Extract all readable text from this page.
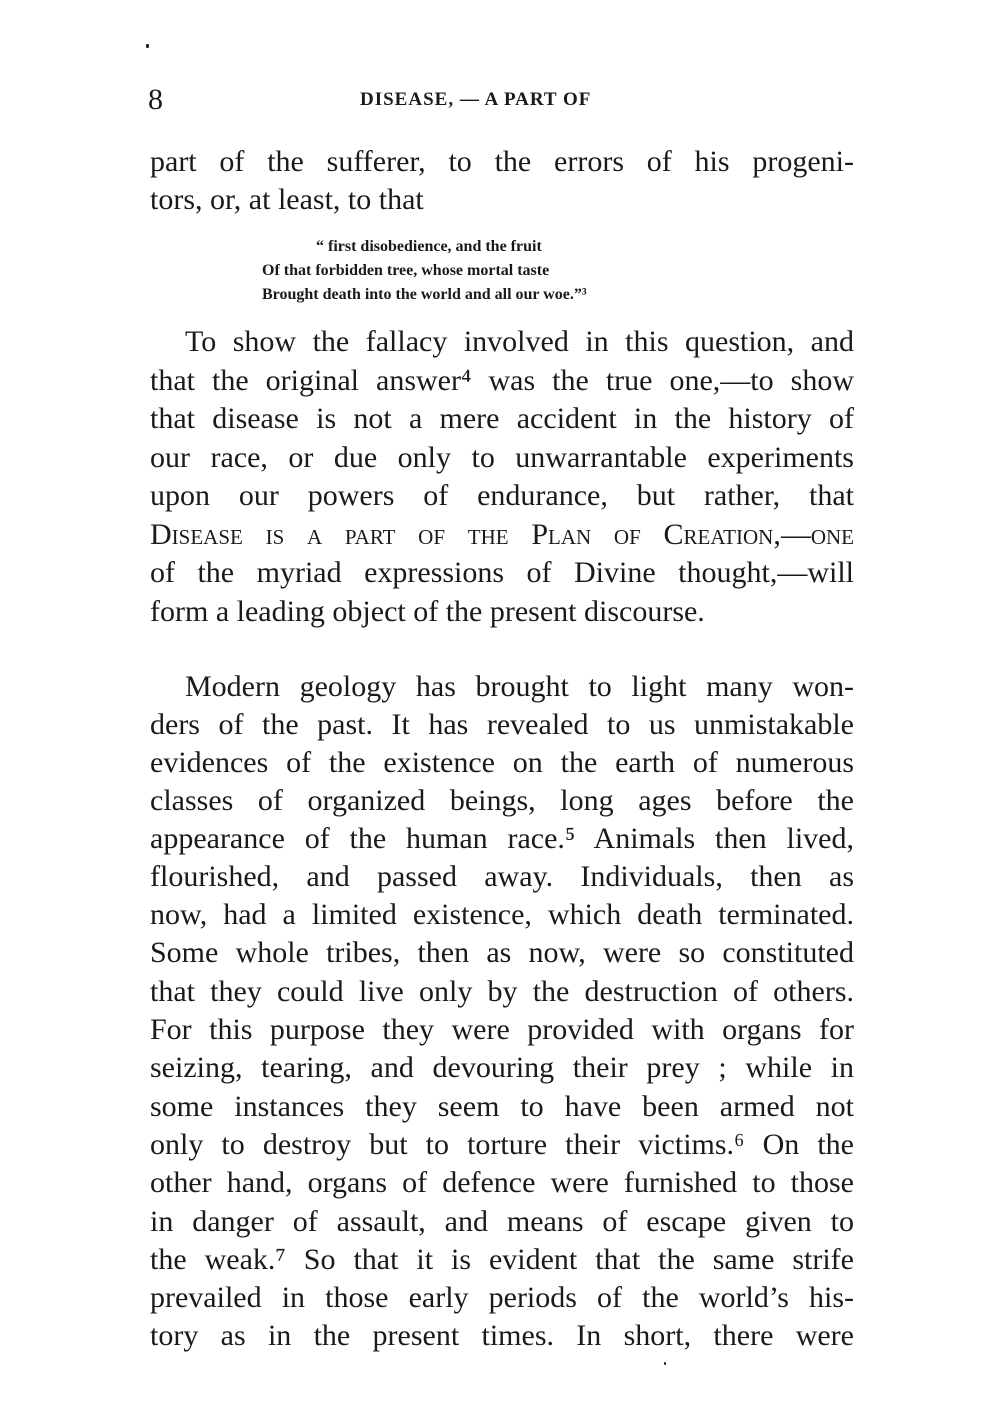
8	DISEASE, — A PART OF
part of the sufferer, to the errors of his progeni-
tors, or, at least, to that
“ first disobedience, and the fruit
Of that forbidden tree, whose mortal taste
Brought death into the world and all our woe.”³
To show the fallacy involved in this question, and
that the original answer⁴ was the true one,—to show
that disease is not a mere accident in the history of
our race, or due only to unwarrantable experiments
upon our powers of endurance, but rather, that
Disease is a part of the Plan of Creation,—one
of the myriad expressions of Divine thought,—will
form a leading object of the present discourse.
Modern geology has brought to light many won-
ders of the past. It has revealed to us unmistakable
evidences of the existence on the earth of numerous
classes of organized beings, long ages before the
appearance of the human race.⁵ Animals then lived,
flourished, and passed away. Individuals, then as
now, had a limited existence, which death terminated.
Some whole tribes, then as now, were so constituted
that they could live only by the destruction of others.
For this purpose they were provided with organs for
seizing, tearing, and devouring their prey ; while in
some instances they seem to have been armed not
only to destroy but to torture their victims.⁶ On the
other hand, organs of defence were furnished to those
in danger of assault, and means of escape given to
the weak.⁷ So that it is evident that the same strife
prevailed in those early periods of the world’s his-
tory as in the present times. In short, there were
